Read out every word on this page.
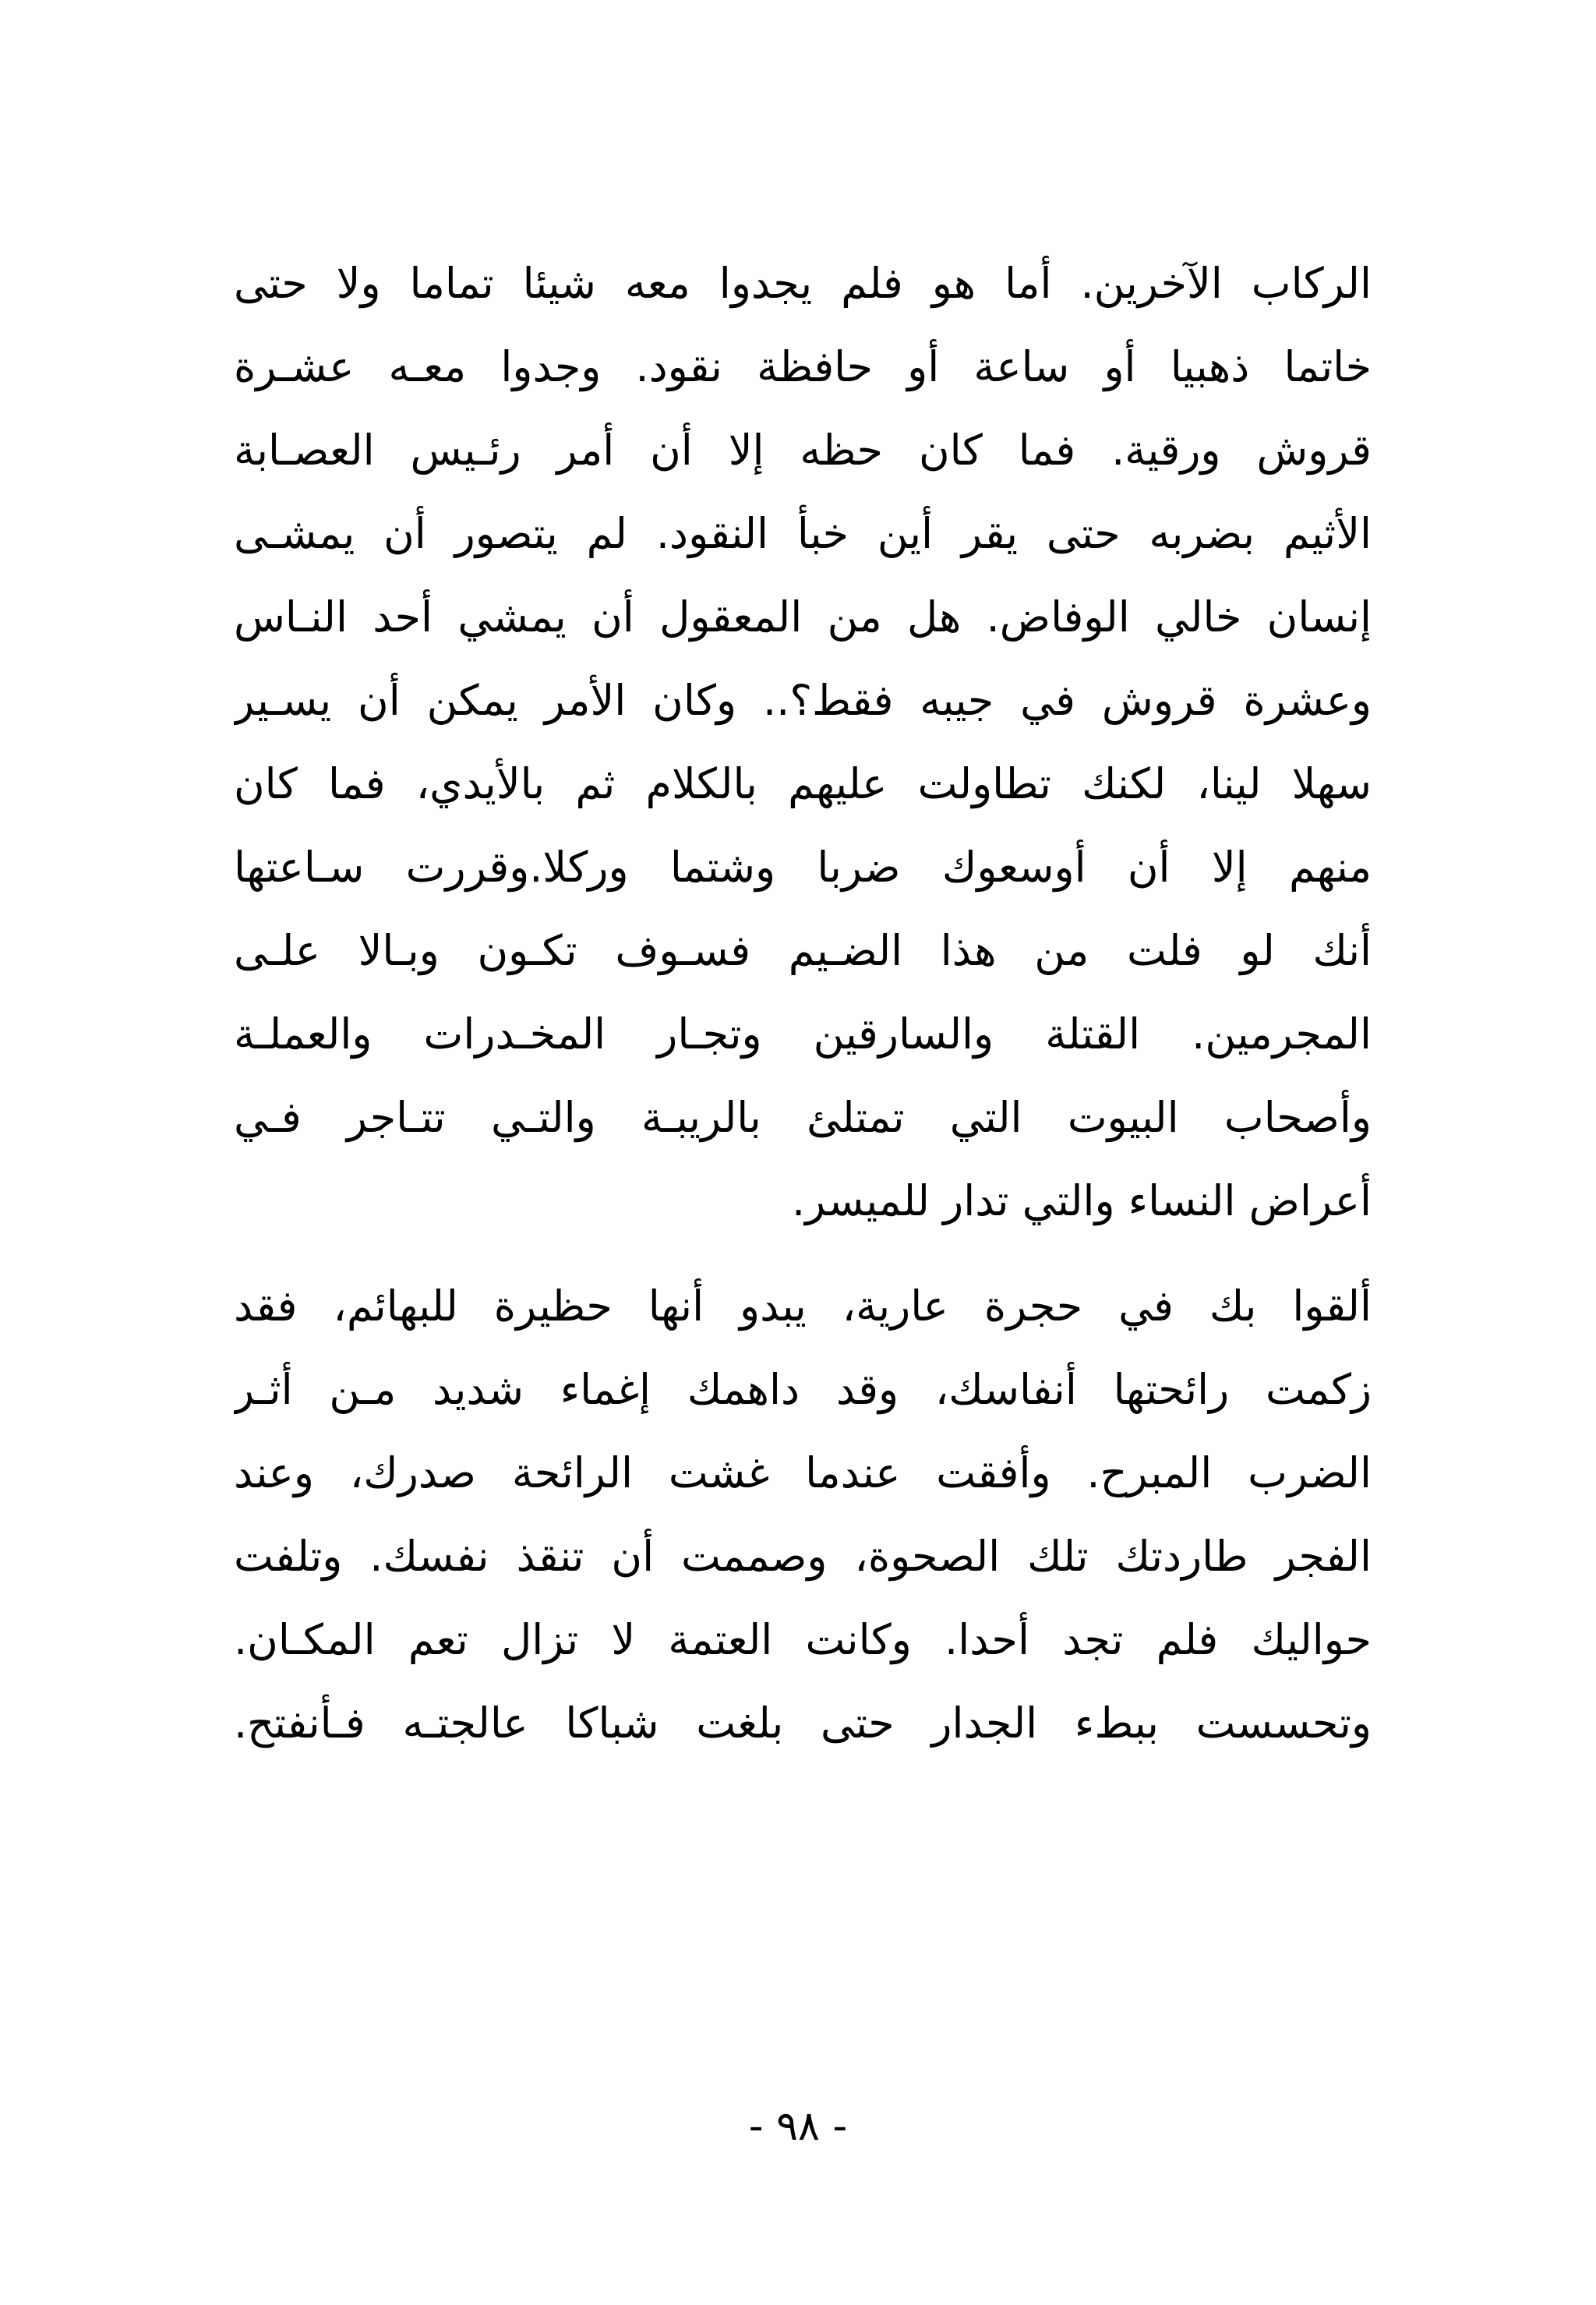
الركاب الآخرين. أما هو فلم يجدوا معه شيئا تماما ولا حتى
خاتما ذهبيا أو ساعة أو حافظة نقود. وجدوا معـه عشـرة
قروش ورقية. فما كان حظه إلا أن أمر رئـيس العصـابة
الأثيم بضربه حتى يقر أين خبأ النقود. لم يتصور أن يمشـى
إنسان خالي الوفاض. هل من المعقول أن يمشي أحد النـاس
وعشرة قروش في جيبه فقط؟.. وكان الأمر يمكن أن يسـير
سهلا لينا، لكنك تطاولت عليهم بالكلام ثم بالأيدي، فما كان
منهم إلا أن أوسعوك ضربا وشتما وركلا.وقررت سـاعتها
أنك لو فلت من هذا الضـيم فسـوف تكـون وبـالا علـى
المجرمين. القتلة والسارقين وتجـار المخـدرات والعملـة
وأصحاب البيوت التي تمتلئ بالريبـة والتـي تتـاجر فـي
أعراض النساء والتي تدار للميسر.
ألقوا بك في حجرة عارية، يبدو أنها حظيرة للبهائم، فقد
زكمت رائحتها أنفاسك، وقد داهمك إغماء شديد مـن أثـر
الضرب المبرح. وأفقت عندما غشت الرائحة صدرك، وعند
الفجر طاردتك تلك الصحوة، وصممت أن تنقذ نفسك. وتلفت
حواليك فلم تجد أحدا. وكانت العتمة لا تزال تعم المكـان.
وتحسست ببطء الجدار حتى بلغت شباكا عالجتـه فـأنفتح.
- ٩٨ -
